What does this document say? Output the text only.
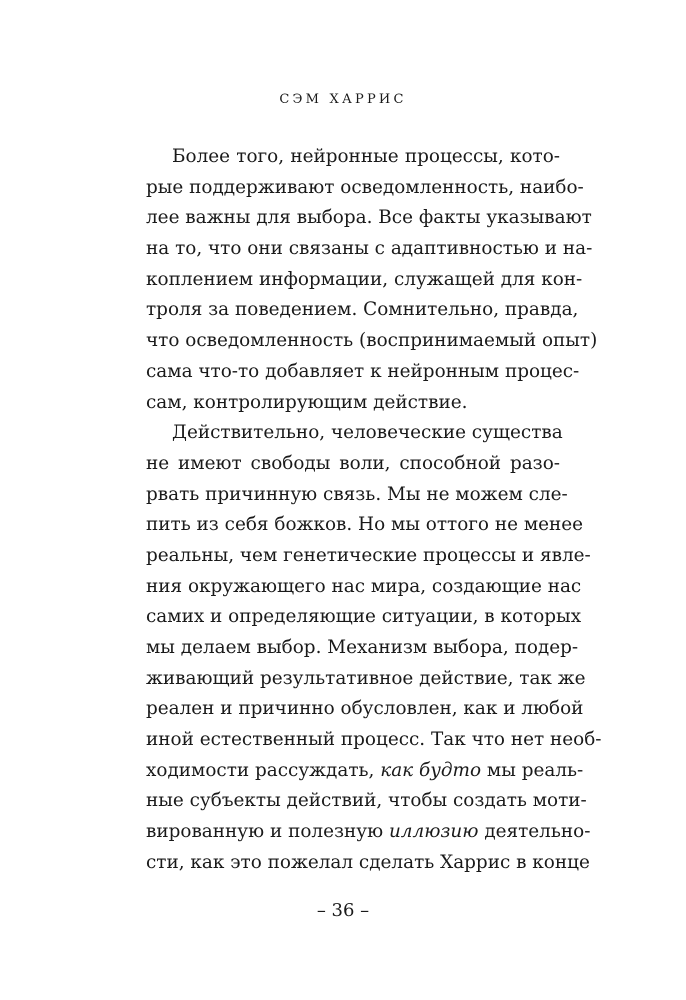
СЭМ ХАРРИС
Более того, нейронные процессы, кото-
рые поддерживают осведомленность, наибо-
лее важны для выбора. Все факты указывают
на то, что они связаны с адаптивностью и на-
коплением информации, служащей для кон-
троля за поведением. Сомнительно, правда,
что осведомленность (воспринимаемый опыт)
сама что-то добавляет к нейронным процес-
сам, контролирующим действие.
Действительно, человеческие существа
не имеют свободы воли, способной разо-
рвать причинную связь. Мы не можем сле-
пить из себя божков. Но мы оттого не менее
реальны, чем генетические процессы и явле-
ния окружающего нас мира, создающие нас
самих и определяющие ситуации, в которых
мы делаем выбор. Механизм выбора, подер-
живающий результативное действие, так же
реален и причинно обусловлен, как и любой
иной естественный процесс. Так что нет необ-
ходимости рассуждать, как будто мы реаль-
ные субъекты действий, чтобы создать моти-
вированную и полезную иллюзию деятельно-
сти, как это пожелал сделать Харрис в конце
– 36 –
